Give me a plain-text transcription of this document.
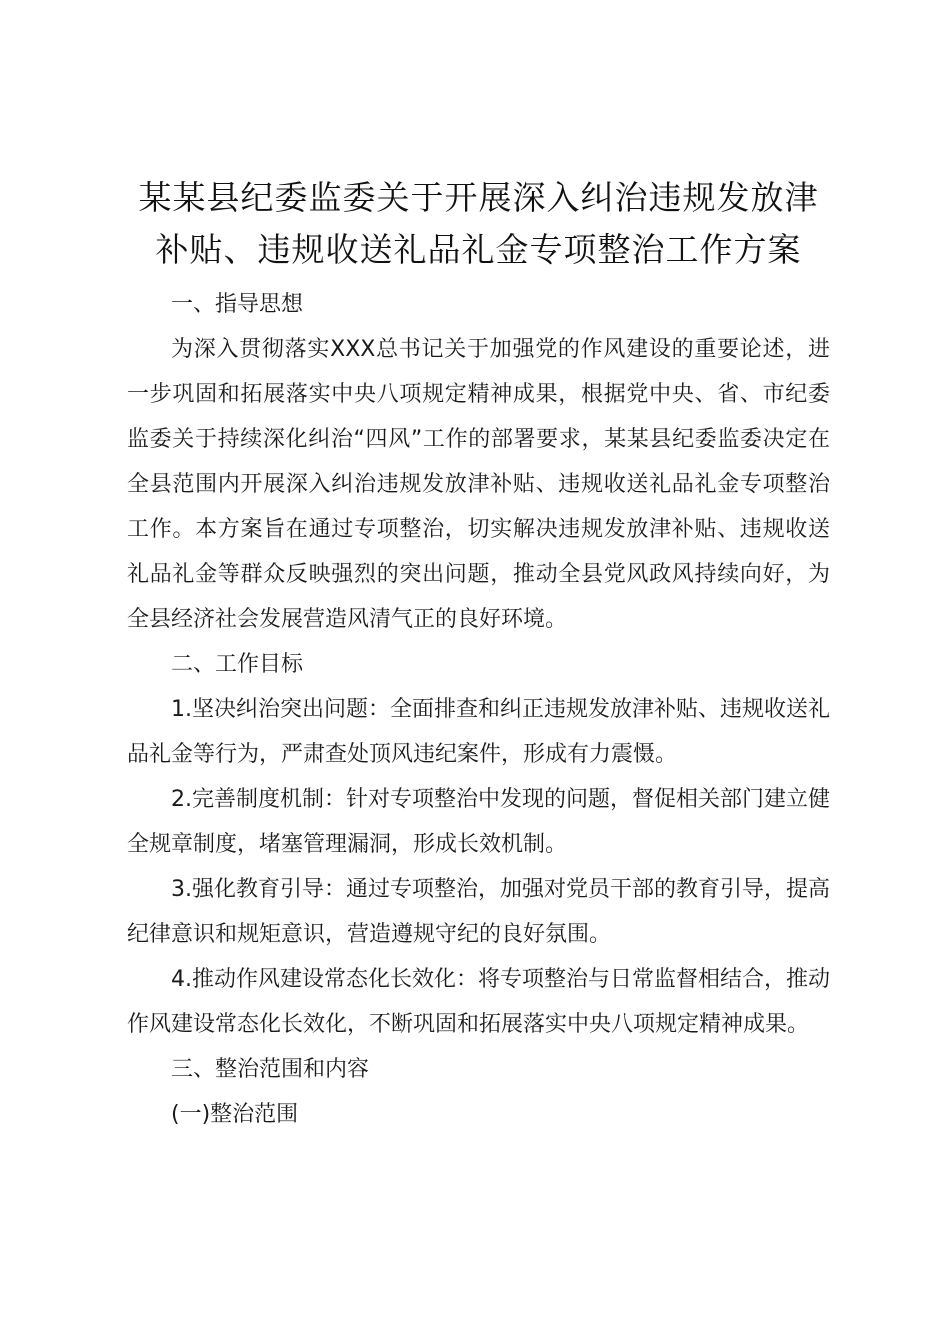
某某县纪委监委关于开展深入纠治违规发放津补贴、违规收送礼品礼金专项整治工作方案

一、指导思想

为深入贯彻落实XXX总书记关于加强党的作风建设的重要论述，进一步巩固和拓展落实中央八项规定精神成果，根据党中央、省、市纪委监委关于持续深化纠治“四风”工作的部署要求，某某县纪委监委决定在全县范围内开展深入纠治违规发放津补贴、违规收送礼品礼金专项整治工作。本方案旨在通过专项整治，切实解决违规发放津补贴、违规收送礼品礼金等群众反映强烈的突出问题，推动全县党风政风持续向好，为全县经济社会发展营造风清气正的良好环境。

二、工作目标

1.坚决纠治突出问题：全面排查和纠正违规发放津补贴、违规收送礼品礼金等行为，严肃查处顶风违纪案件，形成有力震慑。

2.完善制度机制：针对专项整治中发现的问题，督促相关部门建立健全规章制度，堵塞管理漏洞，形成长效机制。

3.强化教育引导：通过专项整治，加强对党员干部的教育引导，提高纪律意识和规矩意识，营造遵规守纪的良好氛围。

4.推动作风建设常态化长效化：将专项整治与日常监督相结合，推动作风建设常态化长效化，不断巩固和拓展落实中央八项规定精神成果。

三、整治范围和内容

(一)整治范围
